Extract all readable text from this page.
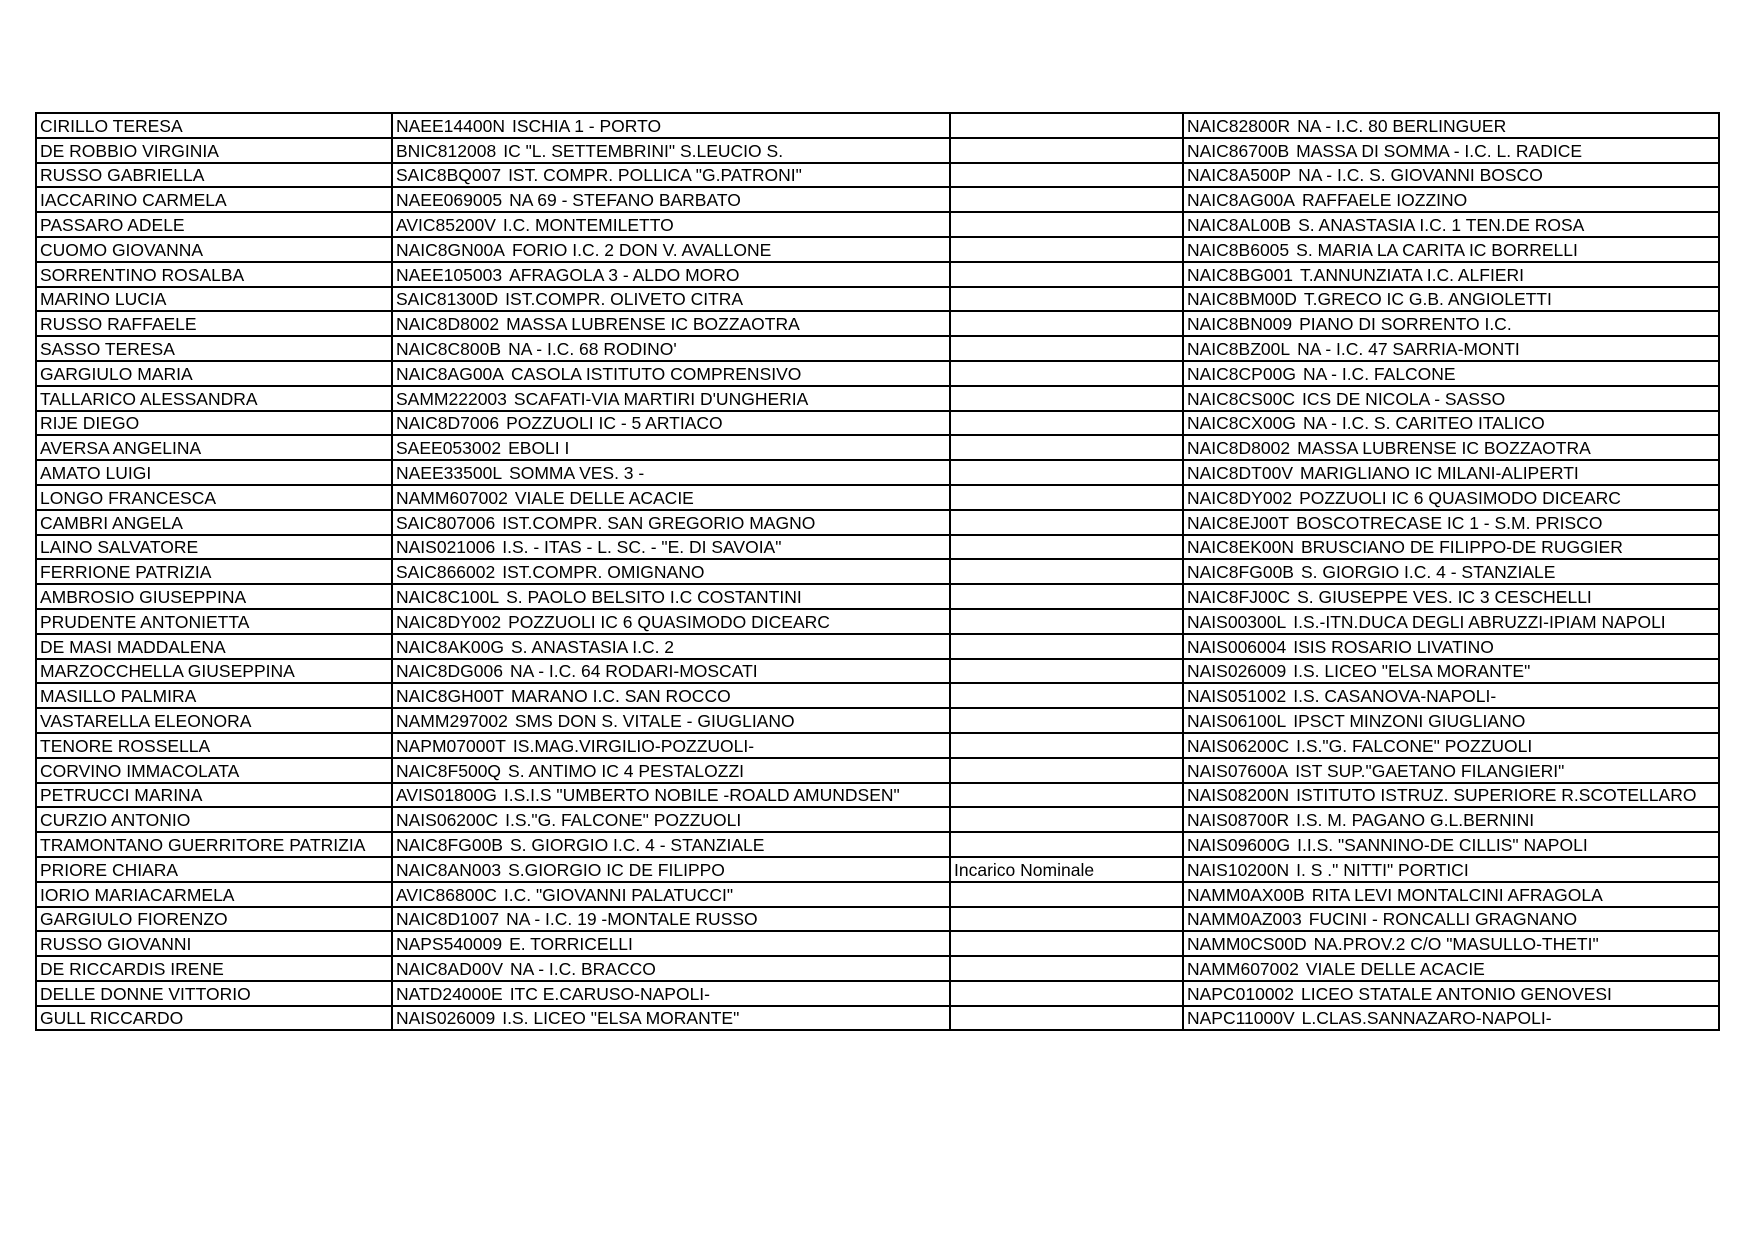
CIRILLO TERESA	NAEE14400N ISCHIA 1 - PORTO		NAIC82800R NA - I.C. 80 BERLINGUER
DE ROBBIO VIRGINIA	BNIC812008 IC "L. SETTEMBRINI" S.LEUCIO S.		NAIC86700B MASSA DI SOMMA - I.C. L. RADICE
RUSSO GABRIELLA	SAIC8BQ007 IST. COMPR. POLLICA "G.PATRONI"		NAIC8A500P NA - I.C. S. GIOVANNI BOSCO
IACCARINO CARMELA	NAEE069005 NA 69 - STEFANO BARBATO		NAIC8AG00A RAFFAELE IOZZINO
PASSARO ADELE	AVIC85200V I.C. MONTEMILETTO		NAIC8AL00B S. ANASTASIA I.C. 1 TEN.DE ROSA
CUOMO GIOVANNA	NAIC8GN00A FORIO I.C. 2 DON V. AVALLONE		NAIC8B6005 S. MARIA LA CARITA IC BORRELLI
SORRENTINO ROSALBA	NAEE105003 AFRAGOLA 3 - ALDO MORO		NAIC8BG001 T.ANNUNZIATA I.C. ALFIERI
MARINO LUCIA	SAIC81300D IST.COMPR. OLIVETO CITRA		NAIC8BM00D T.GRECO IC G.B. ANGIOLETTI
RUSSO RAFFAELE	NAIC8D8002 MASSA LUBRENSE IC BOZZAOTRA		NAIC8BN009 PIANO DI SORRENTO I.C.
SASSO TERESA	NAIC8C800B NA - I.C. 68 RODINO'		NAIC8BZ00L NA - I.C. 47 SARRIA-MONTI
GARGIULO MARIA	NAIC8AG00A CASOLA ISTITUTO COMPRENSIVO		NAIC8CP00G NA - I.C. FALCONE
TALLARICO ALESSANDRA	SAMM222003 SCAFATI-VIA MARTIRI D'UNGHERIA		NAIC8CS00C ICS DE NICOLA - SASSO
RIJE DIEGO	NAIC8D7006 POZZUOLI IC - 5 ARTIACO		NAIC8CX00G NA - I.C. S. CARITEO ITALICO
AVERSA ANGELINA	SAEE053002 EBOLI I		NAIC8D8002 MASSA LUBRENSE IC BOZZAOTRA
AMATO LUIGI	NAEE33500L SOMMA VES. 3 -		NAIC8DT00V MARIGLIANO IC MILANI-ALIPERTI
LONGO FRANCESCA	NAMM607002 VIALE DELLE ACACIE		NAIC8DY002 POZZUOLI IC 6 QUASIMODO DICEARC
CAMBRI ANGELA	SAIC807006 IST.COMPR. SAN GREGORIO MAGNO		NAIC8EJ00T BOSCOTRECASE IC 1 - S.M. PRISCO
LAINO SALVATORE	NAIS021006 I.S. - ITAS - L. SC. - "E. DI SAVOIA"		NAIC8EK00N BRUSCIANO DE FILIPPO-DE RUGGIER
FERRIONE PATRIZIA	SAIC866002 IST.COMPR. OMIGNANO		NAIC8FG00B S. GIORGIO I.C. 4 - STANZIALE
AMBROSIO GIUSEPPINA	NAIC8C100L S. PAOLO BELSITO I.C COSTANTINI		NAIC8FJ00C S. GIUSEPPE VES. IC 3 CESCHELLI
PRUDENTE ANTONIETTA	NAIC8DY002 POZZUOLI IC 6 QUASIMODO DICEARC		NAIS00300L I.S.-ITN.DUCA DEGLI ABRUZZI-IPIAM NAPOLI
DE MASI MADDALENA	NAIC8AK00G S. ANASTASIA I.C. 2		NAIS006004 ISIS ROSARIO LIVATINO
MARZOCCHELLA GIUSEPPINA	NAIC8DG006 NA - I.C. 64 RODARI-MOSCATI		NAIS026009 I.S. LICEO "ELSA MORANTE"
MASILLO PALMIRA	NAIC8GH00T MARANO I.C. SAN ROCCO		NAIS051002 I.S. CASANOVA-NAPOLI-
VASTARELLA ELEONORA	NAMM297002 SMS DON S. VITALE - GIUGLIANO		NAIS06100L IPSCT MINZONI GIUGLIANO
TENORE ROSSELLA	NAPM07000T IS.MAG.VIRGILIO-POZZUOLI-		NAIS06200C I.S."G. FALCONE" POZZUOLI
CORVINO IMMACOLATA	NAIC8F500Q S. ANTIMO IC 4 PESTALOZZI		NAIS07600A IST SUP."GAETANO FILANGIERI"
PETRUCCI MARINA	AVIS01800G I.S.I.S "UMBERTO NOBILE -ROALD AMUNDSEN"		NAIS08200N ISTITUTO ISTRUZ. SUPERIORE R.SCOTELLARO
CURZIO ANTONIO	NAIS06200C I.S."G. FALCONE" POZZUOLI		NAIS08700R I.S. M. PAGANO G.L.BERNINI
TRAMONTANO GUERRITORE PATRIZIA	NAIC8FG00B S. GIORGIO I.C. 4 - STANZIALE		NAIS09600G I.I.S. "SANNINO-DE CILLIS" NAPOLI
PRIORE CHIARA	NAIC8AN003 S.GIORGIO IC DE FILIPPO	Incarico Nominale	NAIS10200N I. S ." NITTI" PORTICI
IORIO MARIACARMELA	AVIC86800C I.C. "GIOVANNI PALATUCCI"		NAMM0AX00B RITA LEVI MONTALCINI AFRAGOLA
GARGIULO FIORENZO	NAIC8D1007 NA - I.C. 19 -MONTALE RUSSO		NAMM0AZ003 FUCINI - RONCALLI GRAGNANO
RUSSO GIOVANNI	NAPS540009 E. TORRICELLI		NAMM0CS00D NA.PROV.2 C/O "MASULLO-THETI"
DE RICCARDIS IRENE	NAIC8AD00V NA - I.C. BRACCO		NAMM607002 VIALE DELLE ACACIE
DELLE DONNE VITTORIO	NATD24000E ITC E.CARUSO-NAPOLI-		NAPC010002 LICEO STATALE ANTONIO GENOVESI
GULL RICCARDO	NAIS026009 I.S. LICEO "ELSA MORANTE"		NAPC11000V L.CLAS.SANNAZARO-NAPOLI-
